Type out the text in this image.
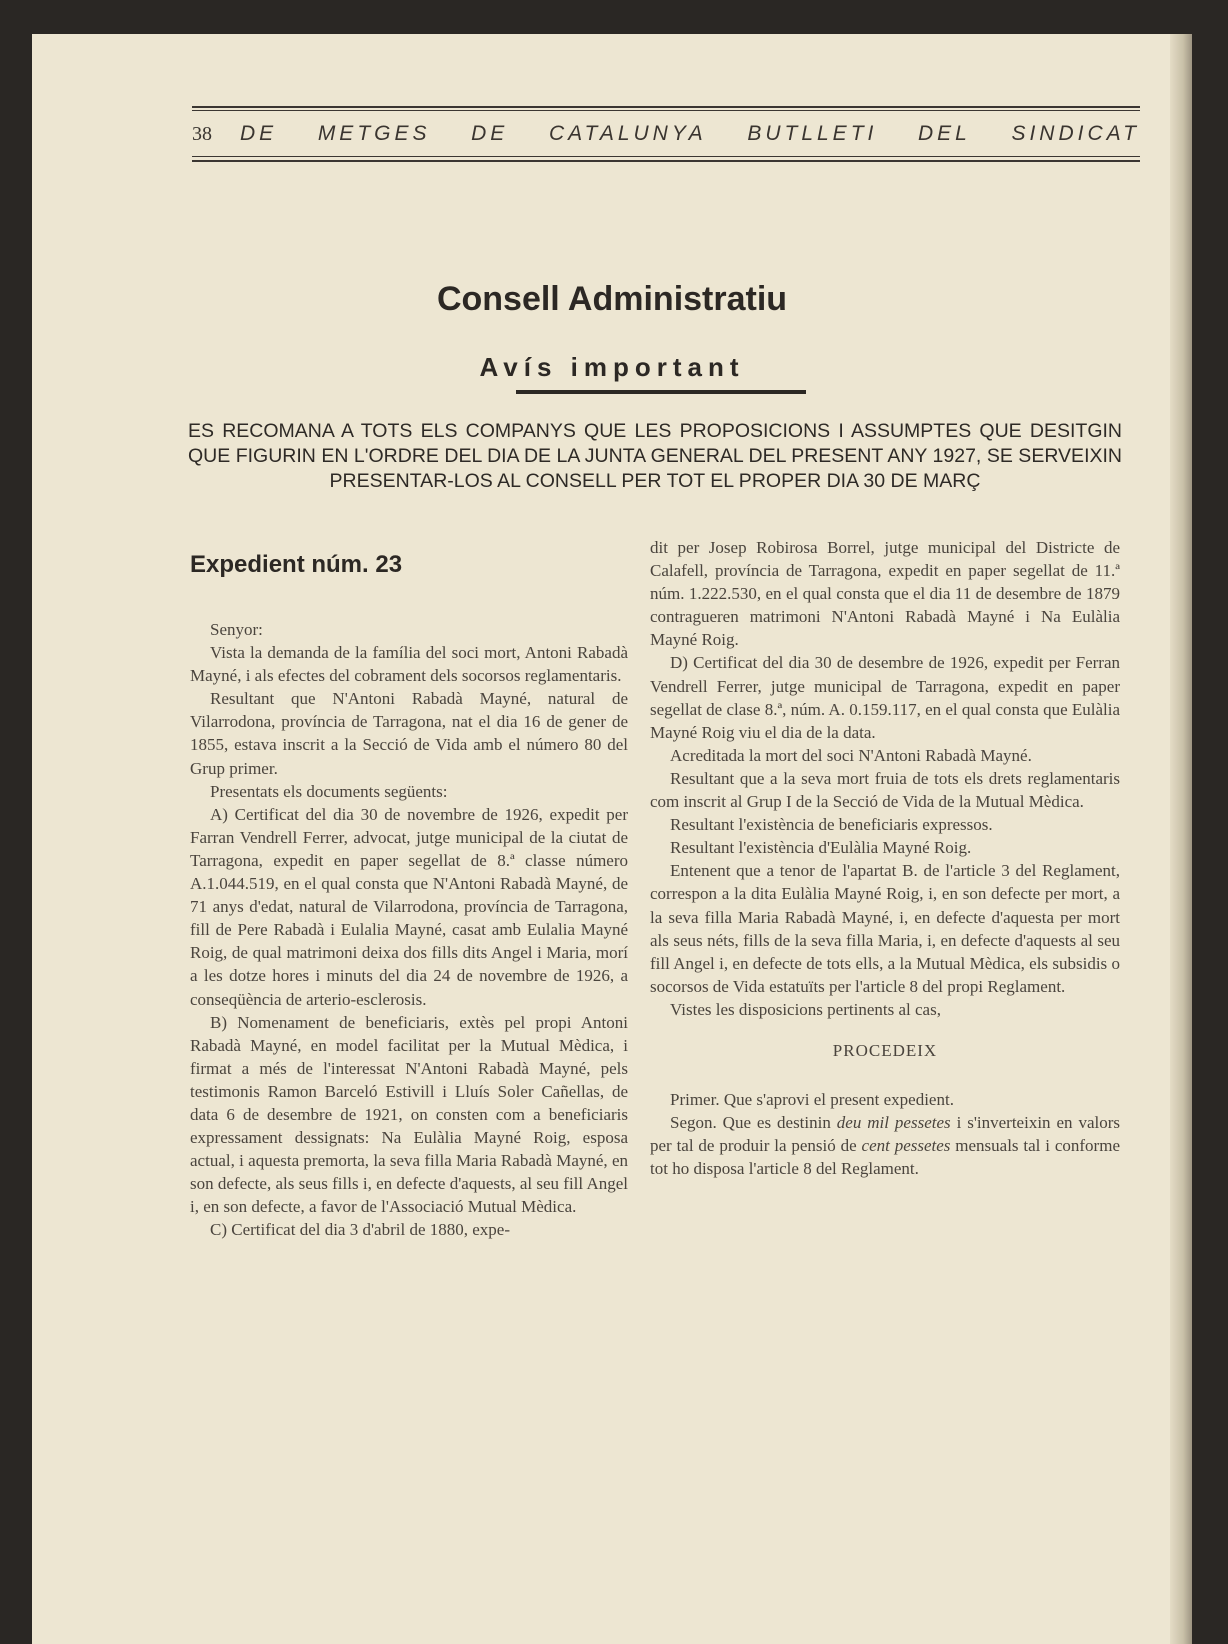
38 DE METGES DE CATALUNYA BUTLLETI DEL SINDICAT
Consell Administratiu
Avís important
ES RECOMANA A TOTS ELS COMPANYS QUE LES PROPOSICIONS I ASSUMPTES QUE DESITGIN QUE FIGURIN EN L'ORDRE DEL DIA DE LA JUNTA GENERAL DEL PRESENT ANY 1927, SE SERVEIXIN PRESENTAR-LOS AL CONSELL PER TOT EL PROPER DIA 30 DE MARÇ
Expedient núm. 23

Senyor:

Vista la demanda de la família del soci mort, Antoni Rabadà Mayné, i als efectes del cobrament dels socorsos reglamentaris.

Resultant que N'Antoni Rabadà Mayné, natural de Vilarrodona, província de Tarragona, nat el dia 16 de gener de 1855, estava inscrit a la Secció de Vida amb el número 80 del Grup primer.

Presentats els documents següents:

A) Certificat del dia 30 de novembre de 1926, expedit per Farran Vendrell Ferrer, advocat, jutge municipal de la ciutat de Tarragona, expedit en paper segellat de 8.ª classe número A.1.044.519, en el qual consta que N'Antoni Rabadà Mayné, de 71 anys d'edat, natural de Vilarrodona, província de Tarragona, fill de Pere Rabadà i Eulalia Mayné, casat amb Eulalia Mayné Roig, de qual matrimoni deixa dos fills dits Angel i Maria, morí a les dotze hores i minuts del dia 24 de novembre de 1926, a conseqüència de arterio-esclerosis.

B) Nomenament de beneficiaris, extès pel propi Antoni Rabadà Mayné, en model facilitat per la Mutual Mèdica, i firmat a més de l'interessat N'Antoni Rabadà Mayné, pels testimonis Ramon Barceló Estivill i Lluís Soler Cañellas, de data 6 de desembre de 1921, on consten com a beneficiaris expressament dessignats: Na Eulàlia Mayné Roig, esposa actual, i aquesta premorta, la seva filla Maria Rabadà Mayné, en son defecte, als seus fills i, en defecte d'aquests, al seu fill Angel i, en son defecte, a favor de l'Associació Mutual Mèdica.

C) Certificat del dia 3 d'abril de 1880, expe-

dit per Josep Robirosa Borrel, jutge municipal del Districte de Calafell, província de Tarragona, expedit en paper segellat de 11.ª núm. 1.222.530, en el qual consta que el dia 11 de desembre de 1879 contragueren matrimoni N'Antoni Rabadà Mayné i Na Eulàlia Mayné Roig.

D) Certificat del dia 30 de desembre de 1926, expedit per Ferran Vendrell Ferrer, jutge municipal de Tarragona, expedit en paper segellat de clase 8.ª, núm. A. 0.159.117, en el qual consta que Eulàlia Mayné Roig viu el dia de la data.

Acreditada la mort del soci N'Antoni Rabadà Mayné.

Resultant que a la seva mort fruia de tots els drets reglamentaris com inscrit al Grup I de la Secció de Vida de la Mutual Mèdica.

Resultant l'existència de beneficiaris expressos.

Resultant l'existència d'Eulàlia Mayné Roig.

Entenent que a tenor de l'apartat B. de l'article 3 del Reglament, correspon a la dita Eulàlia Mayné Roig, i, en son defecte per mort, a la seva filla Maria Rabadà Mayné, i, en defecte d'aquesta per mort als seus néts, fills de la seva filla Maria, i, en defecte d'aquests al seu fill Angel i, en defecte de tots ells, a la Mutual Mèdica, els subsidis o socorsos de Vida estatuïts per l'article 8 del propi Reglament.

Vistes les disposicions pertinents al cas,

PROCEDEIX

Primer. Que s'aprovi el present expedient.

Segon. Que es destinin deu mil pessetes i s'inverteixin en valors per tal de produir la pensió de cent pessetes mensuals tal i conforme tot ho disposa l'article 8 del Reglament.
